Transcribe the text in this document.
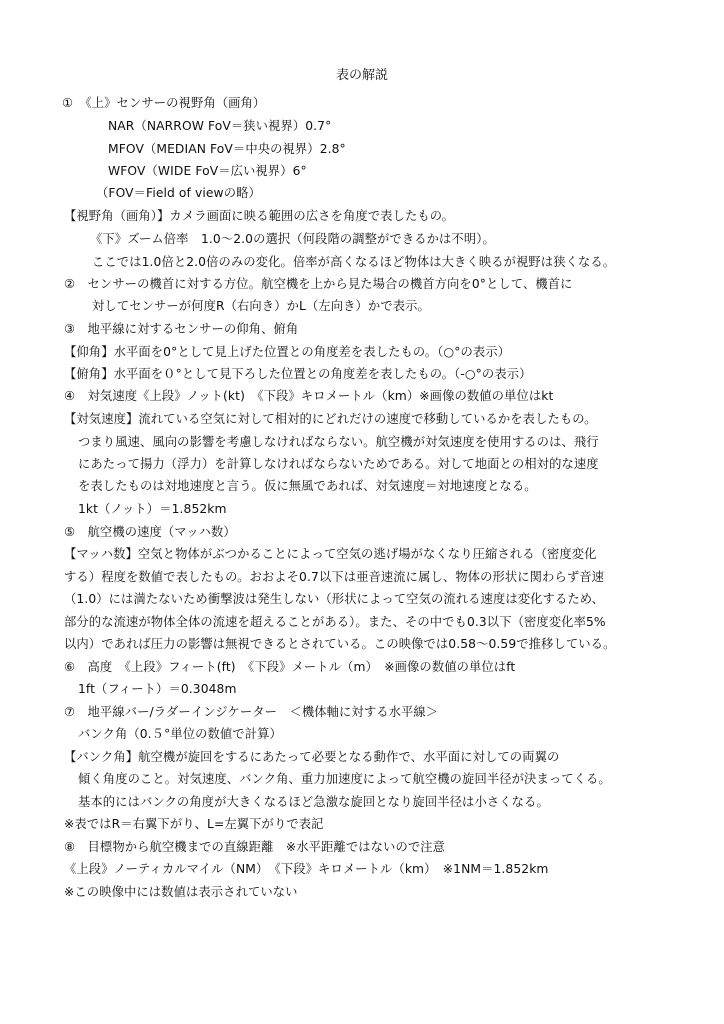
表の解説
①　《上》センサーの視野角（画角）
NAR（NARROW FoV＝狭い視界）0.7°
MFOV（MEDIAN FoV＝中央の視界）2.8°
WFOV（WIDE FoV＝広い視界）6°
（FOV＝Field of viewの略）
【視野角（画角）】カメラ画面に映る範囲の広さを角度で表したもの。
《下》ズーム倍率　1.0～2.0の選択（何段階の調整ができるかは不明）。
ここでは1.0倍と2.0倍のみの変化。倍率が高くなるほど物体は大きく映るが視野は狭くなる。
②　センサーの機首に対する方位。航空機を上から見た場合の機首方向を0°として、機首に
対してセンサーが何度R（右向き）かL（左向き）かで表示。
③　地平線に対するセンサーの仰角、俯角
【仰角】水平面を0°として見上げた位置との角度差を表したもの。（○°の表示）
【俯角】水平面を０°として見下ろした位置との角度差を表したもの。（-○°の表示）
④　対気速度《上段》ノット(kt)　《下段》キロメートル（km）※画像の数値の単位はkt
【対気速度】流れている空気に対して相対的にどれだけの速度で移動しているかを表したもの。
つまり風速、風向の影響を考慮しなければならない。航空機が対気速度を使用するのは、飛行
にあたって揚力（浮力）を計算しなければならないためである。対して地面との相対的な速度
を表したものは対地速度と言う。仮に無風であれば、対気速度＝対地速度となる。
1kt（ノット）＝1.852km
⑤　航空機の速度（マッハ数）
【マッハ数】空気と物体がぶつかることによって空気の逃げ場がなくなり圧縮される（密度変化
する）程度を数値で表したもの。おおよそ0.7以下は亜音速流に属し、物体の形状に関わらず音速
（1.0）には満たないため衝撃波は発生しない（形状によって空気の流れる速度は変化するため、
部分的な流速が物体全体の流速を超えることがある）。また、その中でも0.3以下（密度変化率5%
以内）であれば圧力の影響は無視できるとされている。この映像では0.58～0.59で推移している。
⑥　高度　《上段》フィート(ft)　《下段》メートル（m）　※画像の数値の単位はft
1ft（フィート）＝0.3048m
⑦　地平線バー/ラダーインジケーター　＜機体軸に対する水平線＞
バンク角（0.５°単位の数値で計算）
【バンク角】航空機が旋回をするにあたって必要となる動作で、水平面に対しての両翼の
傾く角度のこと。対気速度、バンク角、重力加速度によって航空機の旋回半径が決まってくる。
基本的にはバンクの角度が大きくなるほど急激な旋回となり旋回半径は小さくなる。
※表ではR＝右翼下がり、L=左翼下がりで表記
⑧　目標物から航空機までの直線距離　※水平距離ではないので注意
《上段》ノーティカルマイル（NM）　《下段》キロメートル（km）　※1NM＝1.852km
※この映像中には数値は表示されていない
